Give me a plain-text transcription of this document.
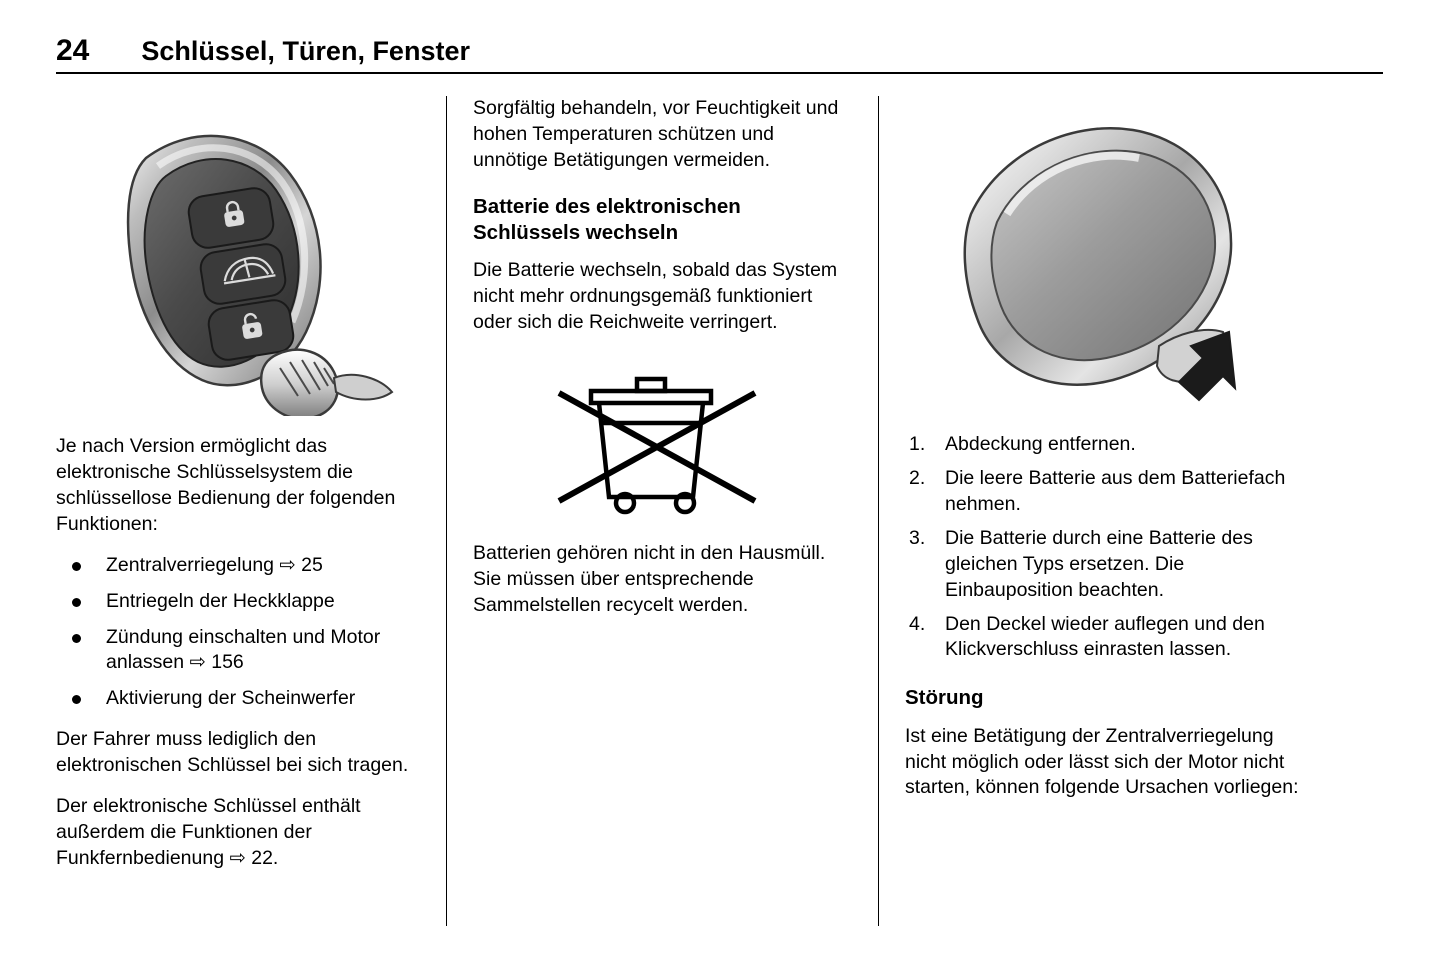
24 Schlüssel, Türen, Fenster

Je nach Version ermöglicht das elektronische Schlüsselsystem die schlüssellose Bedienung der folgenden Funktionen:

Zentralverriegelung ⇨ 25
Entriegeln der Heckklappe
Zündung einschalten und Motor anlassen ⇨ 156
Aktivierung der Scheinwerfer

Der Fahrer muss lediglich den elektronischen Schlüssel bei sich tragen.

Der elektronische Schlüssel enthält außerdem die Funktionen der Funkfernbedienung ⇨ 22.

Sorgfältig behandeln, vor Feuchtigkeit und hohen Temperaturen schützen und unnötige Betätigungen vermeiden.

Batterie des elektronischen Schlüssels wechseln

Die Batterie wechseln, sobald das System nicht mehr ordnungsgemäß funktioniert oder sich die Reichweite verringert.

Batterien gehören nicht in den Hausmüll. Sie müssen über entsprechende Sammelstellen recycelt werden.

Abdeckung entfernen.
Die leere Batterie aus dem Batteriefach nehmen.
Die Batterie durch eine Batterie des gleichen Typs ersetzen. Die Einbauposition beachten.
Den Deckel wieder auflegen und den Klickverschluss einrasten lassen.
Störung

Ist eine Betätigung der Zentralverriegelung nicht möglich oder lässt sich der Motor nicht starten, können folgende Ursachen vorliegen:
